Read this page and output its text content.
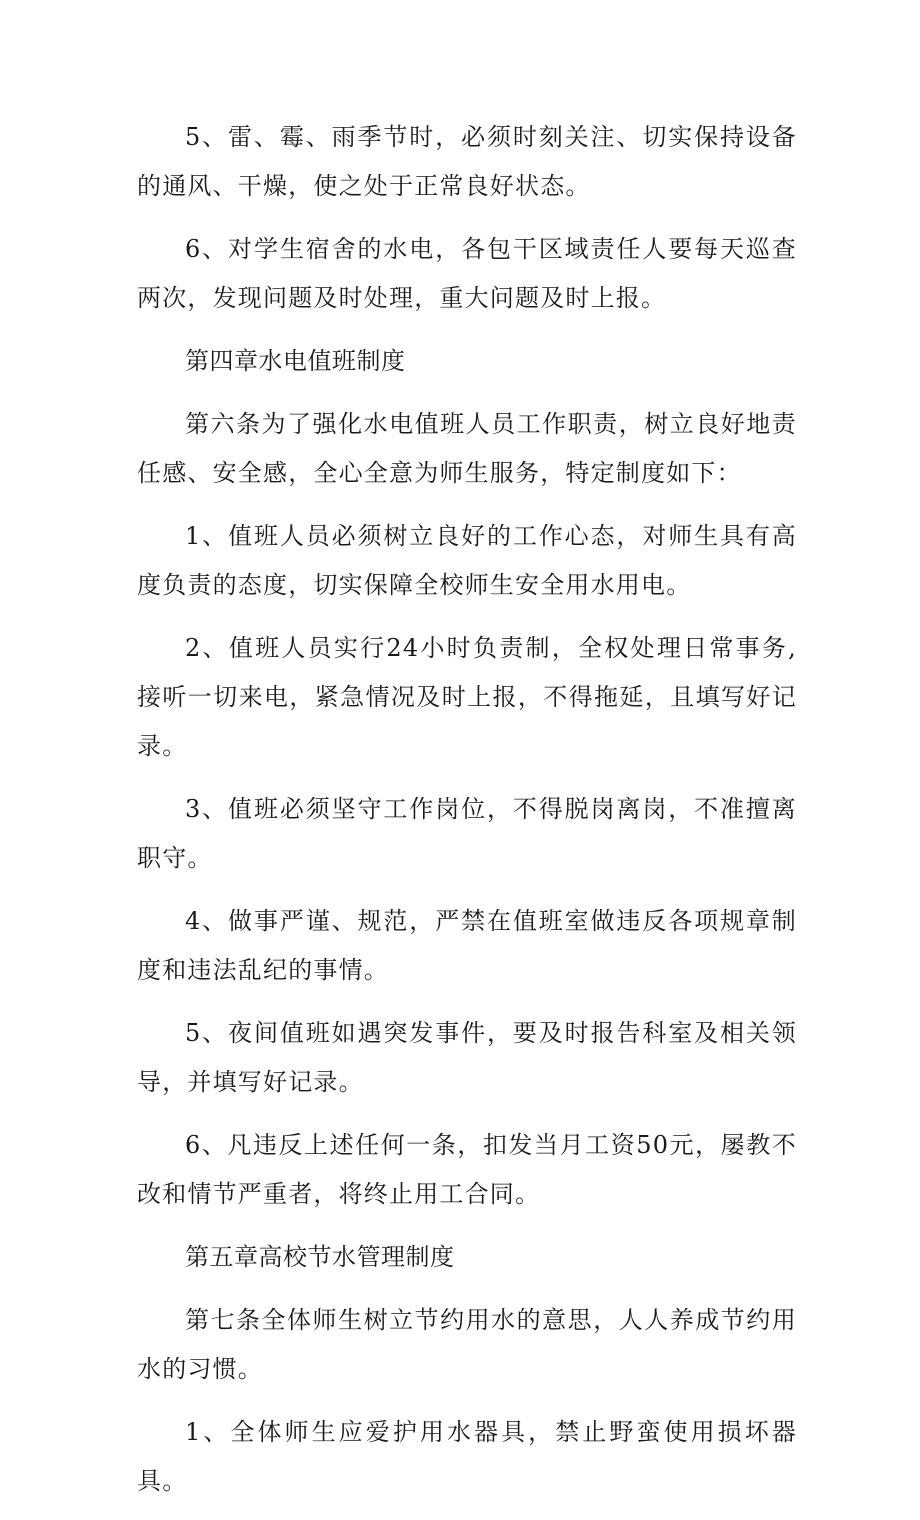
5、雷、霉、雨季节时，必须时刻关注、切实保持设备的通风、干燥，使之处于正常良好状态。

6、对学生宿舍的水电，各包干区域责任人要每天巡查两次，发现问题及时处理，重大问题及时上报。

第四章水电值班制度

第六条为了强化水电值班人员工作职责，树立良好地责任感、安全感，全心全意为师生服务，特定制度如下：

1、值班人员必须树立良好的工作心态，对师生具有高度负责的态度，切实保障全校师生安全用水用电。

2、值班人员实行24小时负责制，全权处理日常事务,接听一切来电，紧急情况及时上报，不得拖延，且填写好记录。

3、值班必须坚守工作岗位，不得脱岗离岗，不准擅离职守。

4、做事严谨、规范，严禁在值班室做违反各项规章制度和违法乱纪的事情。

5、夜间值班如遇突发事件，要及时报告科室及相关领导，并填写好记录。

6、凡违反上述任何一条，扣发当月工资50元，屡教不改和情节严重者，将终止用工合同。

第五章高校节水管理制度

第七条全体师生树立节约用水的意思，人人养成节约用水的习惯。

1、全体师生应爱护用水器具，禁止野蛮使用损坏器具。
